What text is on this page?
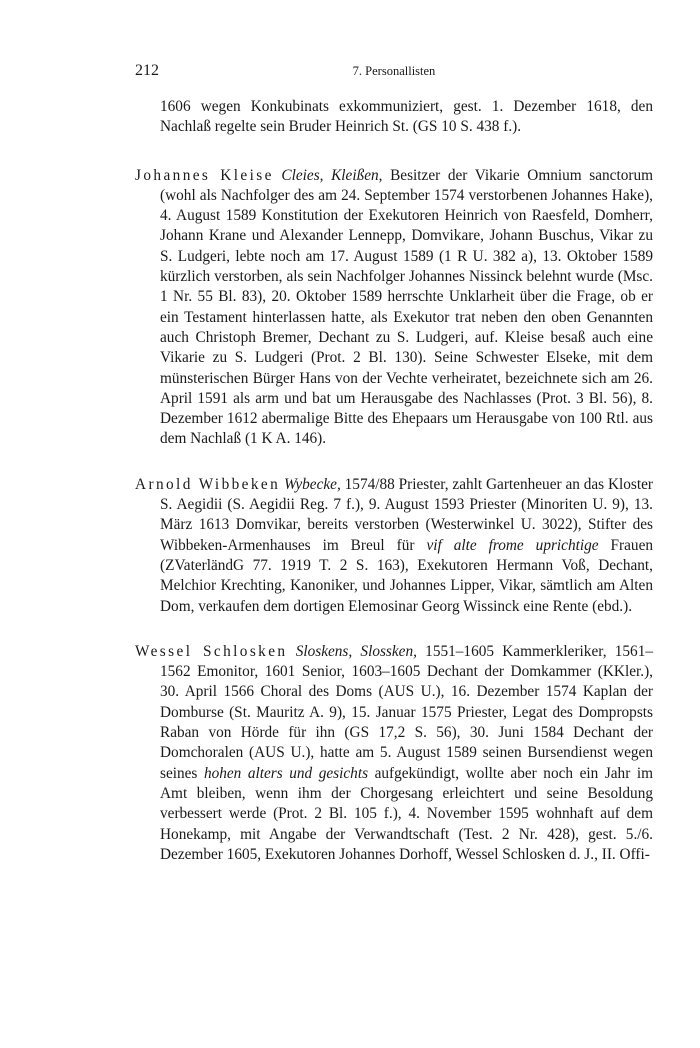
212	7. Personallisten

1606 wegen Konkubinats exkommuniziert, gest. 1. Dezember 1618, den Nachlaß regelte sein Bruder Heinrich St. (GS 10 S. 438 f.).

Johannes Kleise Cleies, Kleißen, Besitzer der Vikarie Omnium sanctorum (wohl als Nachfolger des am 24. September 1574 verstorbenen Johannes Hake), 4. August 1589 Konstitution der Exekutoren Heinrich von Raesfeld, Domherr, Johann Krane und Alexander Lennepp, Domvikare, Johann Buschus, Vikar zu S. Ludgeri, lebte noch am 17. August 1589 (1 R U. 382 a), 13. Oktober 1589 kürzlich verstorben, als sein Nachfolger Johannes Nissinck belehnt wurde (Msc. 1 Nr. 55 Bl. 83), 20. Oktober 1589 herrschte Unklarheit über die Frage, ob er ein Testament hinterlassen hatte, als Exekutor trat neben den oben Genannten auch Christoph Bremer, Dechant zu S. Ludgeri, auf. Kleise besaß auch eine Vikarie zu S. Ludgeri (Prot. 2 Bl. 130). Seine Schwester Elseke, mit dem münsterischen Bürger Hans von der Vechte verheiratet, bezeichnete sich am 26. April 1591 als arm und bat um Herausgabe des Nachlasses (Prot. 3 Bl. 56), 8. Dezember 1612 abermalige Bitte des Ehepaars um Herausgabe von 100 Rtl. aus dem Nachlaß (1 K A. 146).

Arnold Wibbeken Wybecke, 1574/88 Priester, zahlt Gartenheuer an das Kloster S. Aegidii (S. Aegidii Reg. 7 f.), 9. August 1593 Priester (Minoriten U. 9), 13. März 1613 Domvikar, bereits verstorben (Westerwinkel U. 3022), Stifter des Wibbeken-Armenhauses im Breul für vif alte frome uprichtige Frauen (ZVaterländG 77. 1919 T. 2 S. 163), Exekutoren Hermann Voß, Dechant, Melchior Krechting, Kanoniker, und Johannes Lipper, Vikar, sämtlich am Alten Dom, verkaufen dem dortigen Elemosinar Georg Wissinck eine Rente (ebd.).

Wessel Schlosken Sloskens, Slossken, 1551–1605 Kammerkleriker, 1561–1562 Emonitor, 1601 Senior, 1603–1605 Dechant der Domkammer (KKler.), 30. April 1566 Choral des Doms (AUS U.), 16. Dezember 1574 Kaplan der Domburse (St. Mauritz A. 9), 15. Januar 1575 Priester, Legat des Dompropsts Raban von Hörde für ihn (GS 17,2 S. 56), 30. Juni 1584 Dechant der Domchoralen (AUS U.), hatte am 5. August 1589 seinen Bursendienst wegen seines hohen alters und gesichts aufgekündigt, wollte aber noch ein Jahr im Amt bleiben, wenn ihm der Chorgesang erleichtert und seine Besoldung verbessert werde (Prot. 2 Bl. 105 f.), 4. November 1595 wohnhaft auf dem Honekamp, mit Angabe der Verwandtschaft (Test. 2 Nr. 428), gest. 5./6. Dezember 1605, Exekutoren Johannes Dorhoff, Wessel Schlosken d. J., II. Offi-
